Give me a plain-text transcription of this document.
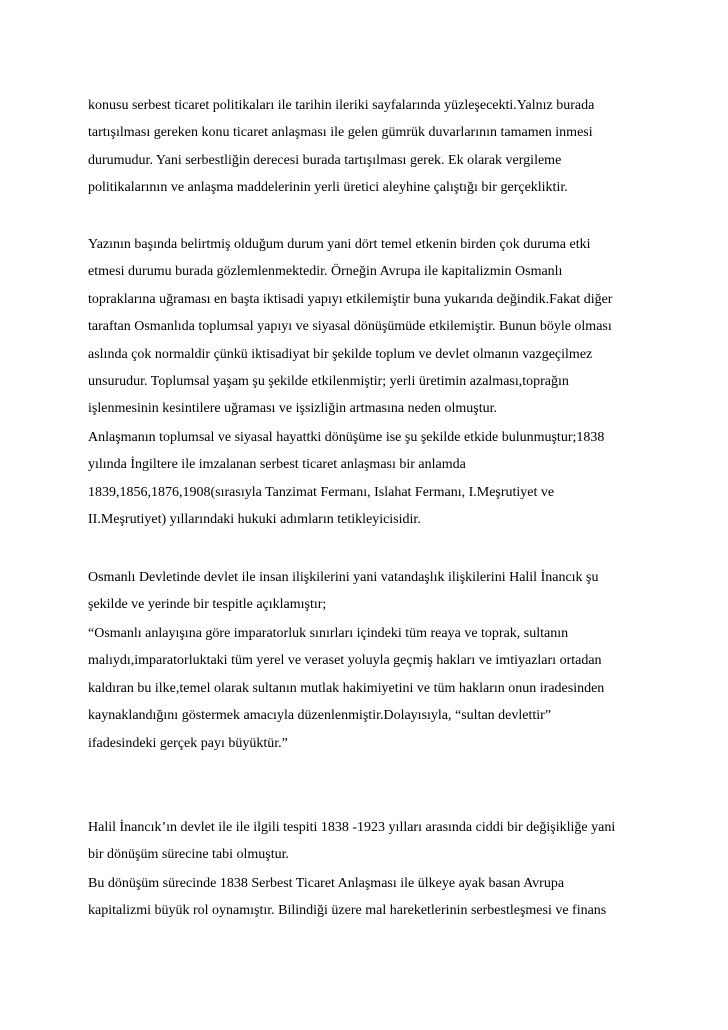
konusu serbest ticaret politikaları ile tarihin ileriki sayfalarında yüzleşecekti.Yalnız burada
tartışılması gereken konu ticaret anlaşması ile gelen gümrük duvarlarının tamamen inmesi
durumudur. Yani serbestliğin derecesi burada tartışılması gerek. Ek olarak vergileme
politikalarının ve anlaşma maddelerinin yerli üretici aleyhine çalıştığı bir gerçekliktir.

Yazının başında belirtmiş olduğum durum yani dört temel etkenin birden çok duruma etki
etmesi durumu burada gözlemlenmektedir. Örneğin Avrupa ile kapitalizmin Osmanlı
topraklarına uğraması en başta iktisadi yapıyı etkilemiştir buna yukarıda değindik.Fakat diğer
taraftan Osmanlıda toplumsal yapıyı ve siyasal dönüşümüde etkilemiştir. Bunun böyle olması
aslında çok normaldir çünkü iktisadiyat bir şekilde toplum ve devlet olmanın vazgeçilmez
unsurudur. Toplumsal yaşam şu şekilde etkilenmiştir; yerli üretimin azalması,toprağın
işlenmesinin kesintilere uğraması ve işsizliğin artmasına neden olmuştur.

Anlaşmanın toplumsal ve siyasal hayattki dönüşüme ise şu şekilde etkide bulunmuştur;1838
yılında İngiltere ile imzalanan serbest ticaret anlaşması bir anlamda
1839,1856,1876,1908(sırasıyla Tanzimat Fermanı, Islahat Fermanı, I.Meşrutiyet ve
II.Meşrutiyet) yıllarındaki hukuki adımların tetikleyicisidir.

Osmanlı Devletinde devlet ile insan ilişkilerini yani vatandaşlık ilişkilerini Halil İnancık şu
şekilde ve yerinde bir tespitle açıklamıştır;

“Osmanlı anlayışına göre imparatorluk sınırları içindeki tüm reaya ve toprak, sultanın
malıydı,imparatorluktaki tüm yerel ve veraset yoluyla geçmiş hakları ve imtiyazları ortadan
kaldıran bu ilke,temel olarak sultanın mutlak hakimiyetini ve tüm hakların onun iradesinden
kaynaklandığını göstermek amacıyla düzenlenmiştir.Dolayısıyla, “sultan devlettir”
ifadesindeki gerçek payı büyüktür.”

Halil İnancık’ın devlet ile ile ilgili tespiti 1838 -1923 yılları arasında ciddi bir değişikliğe yani
bir dönüşüm sürecine tabi olmuştur.

Bu dönüşüm sürecinde 1838 Serbest Ticaret Anlaşması ile ülkeye ayak basan Avrupa
kapitalizmi büyük rol oynamıştır. Bilindiği üzere mal hareketlerinin serbestleşmesi ve finans
